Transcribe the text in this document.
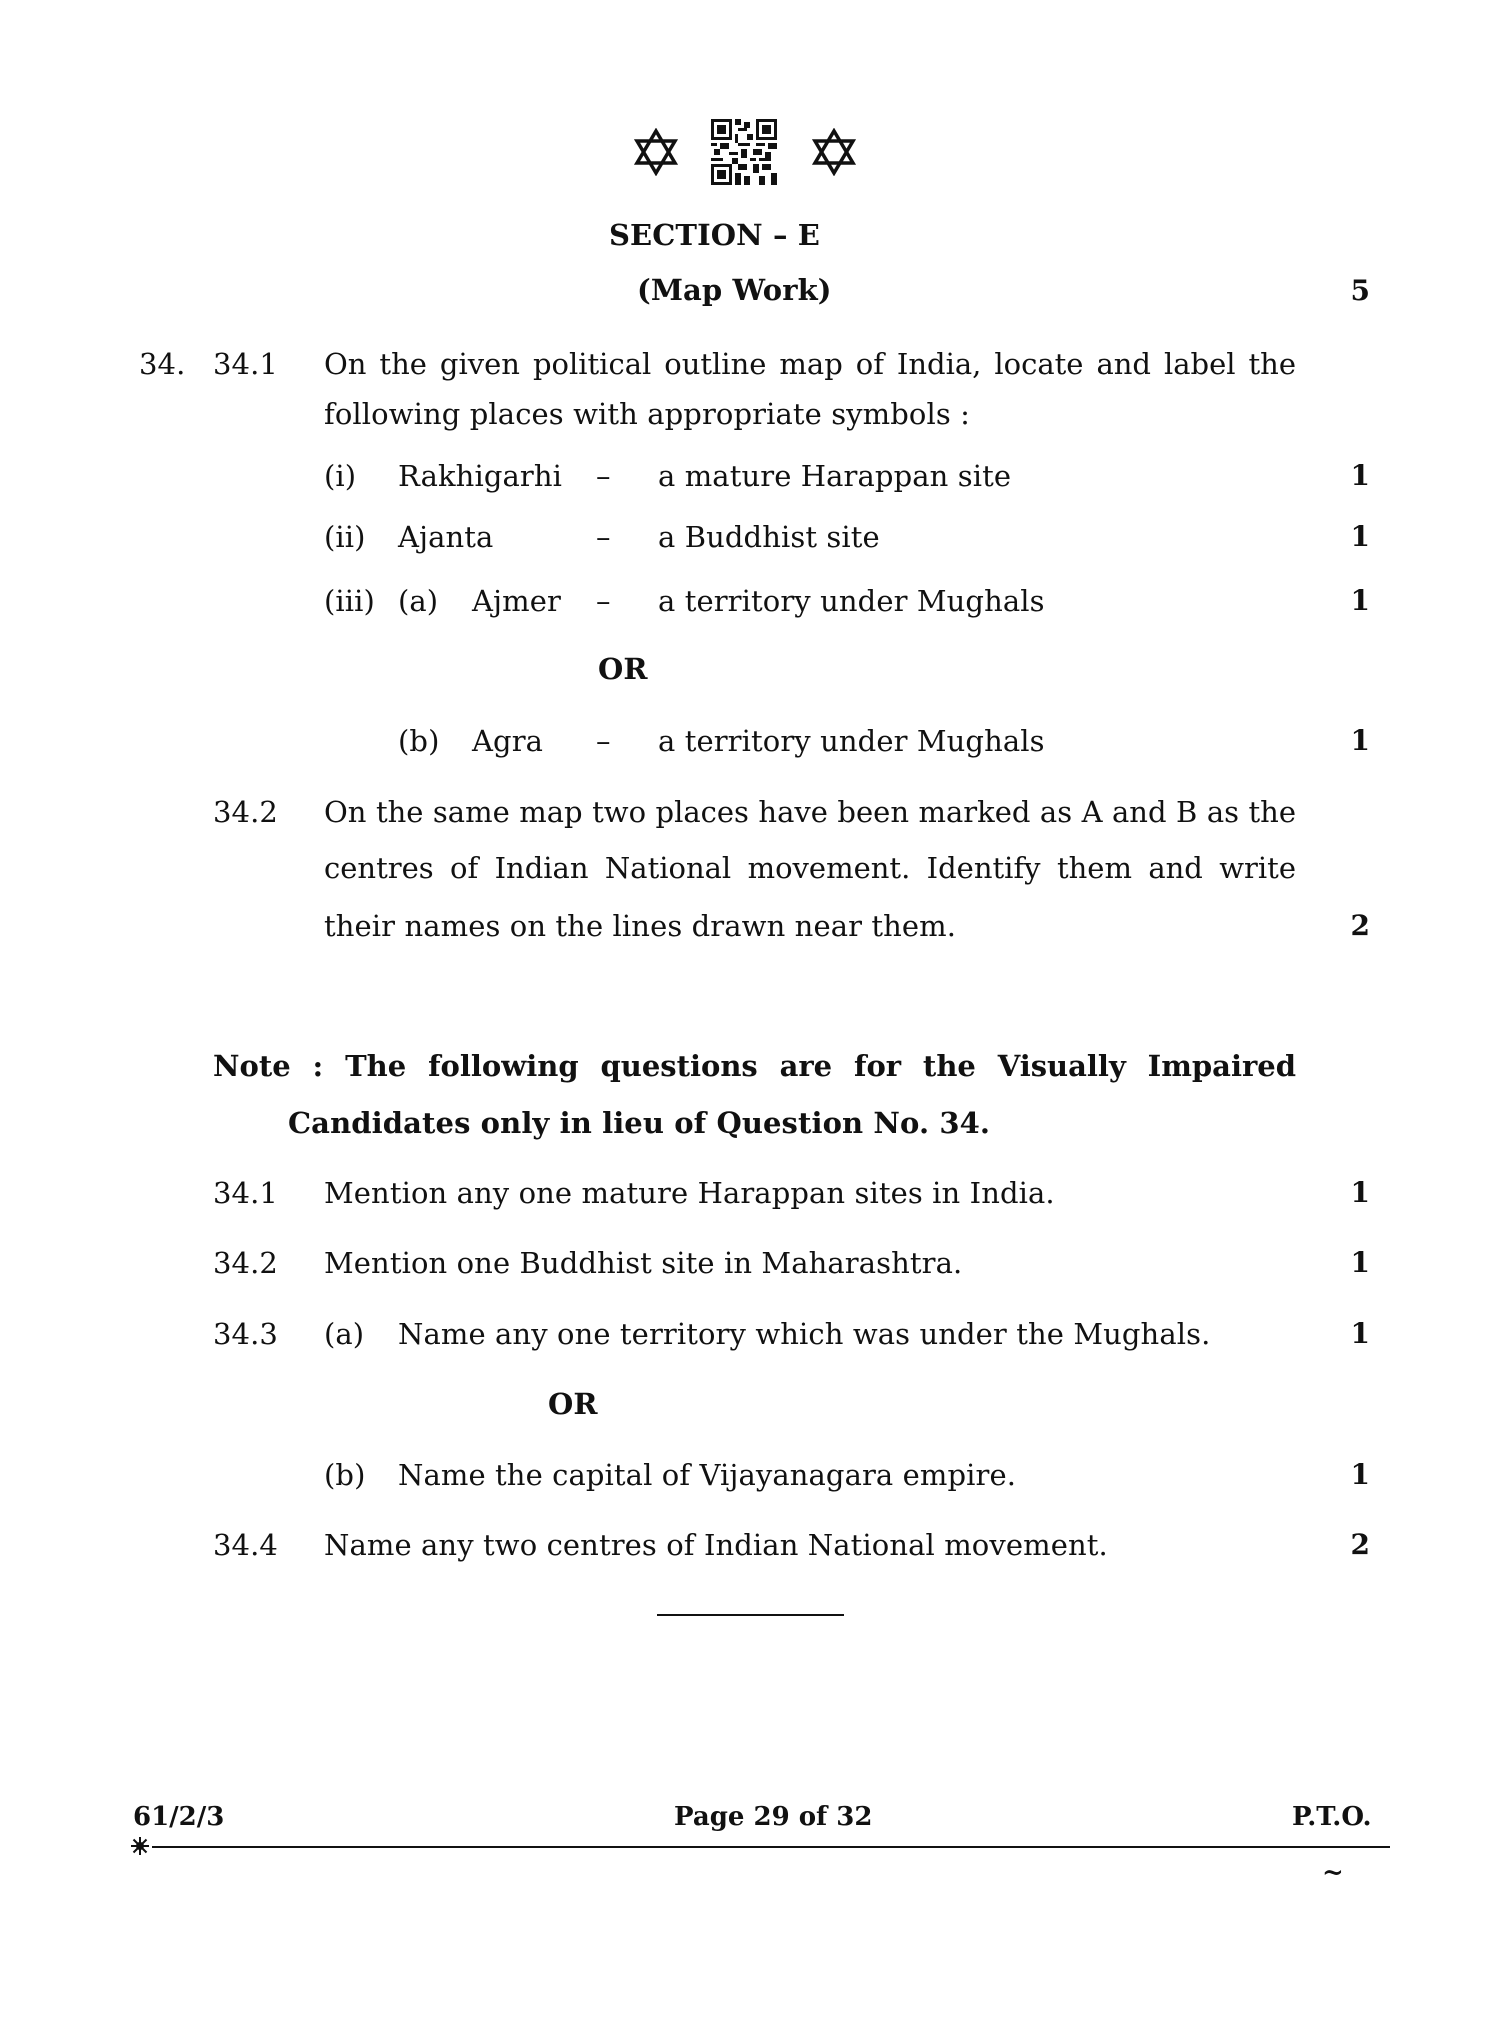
SECTION – E
(Map Work)	5
34. 34.1 On the given political outline map of India, locate and label the
following places with appropriate symbols :
(i) Rakhigarhi – a mature Harappan site	1
(ii) Ajanta	– a Buddhist site	1
(iii) (a) Ajmer – a territory under Mughals	1
OR
(b) Agra – a territory under Mughals	1
34.2 On the same map two places have been marked as A and B as the
centres of Indian National movement. Identify them and write
their names on the lines drawn near them.	2
Note : The following questions are for the Visually Impaired
Candidates only in lieu of Question No. 34.
34.1 Mention any one mature Harappan sites in India.	1
34.2 Mention one Buddhist site in Maharashtra.	1
34.3 (a) Name any one territory which was under the Mughals.	1
OR
(b) Name the capital of Vijayanagara empire.	1
34.4 Name any two centres of Indian National movement.	2
61/2/3	Page 29 of 32	P.T.O.
~
